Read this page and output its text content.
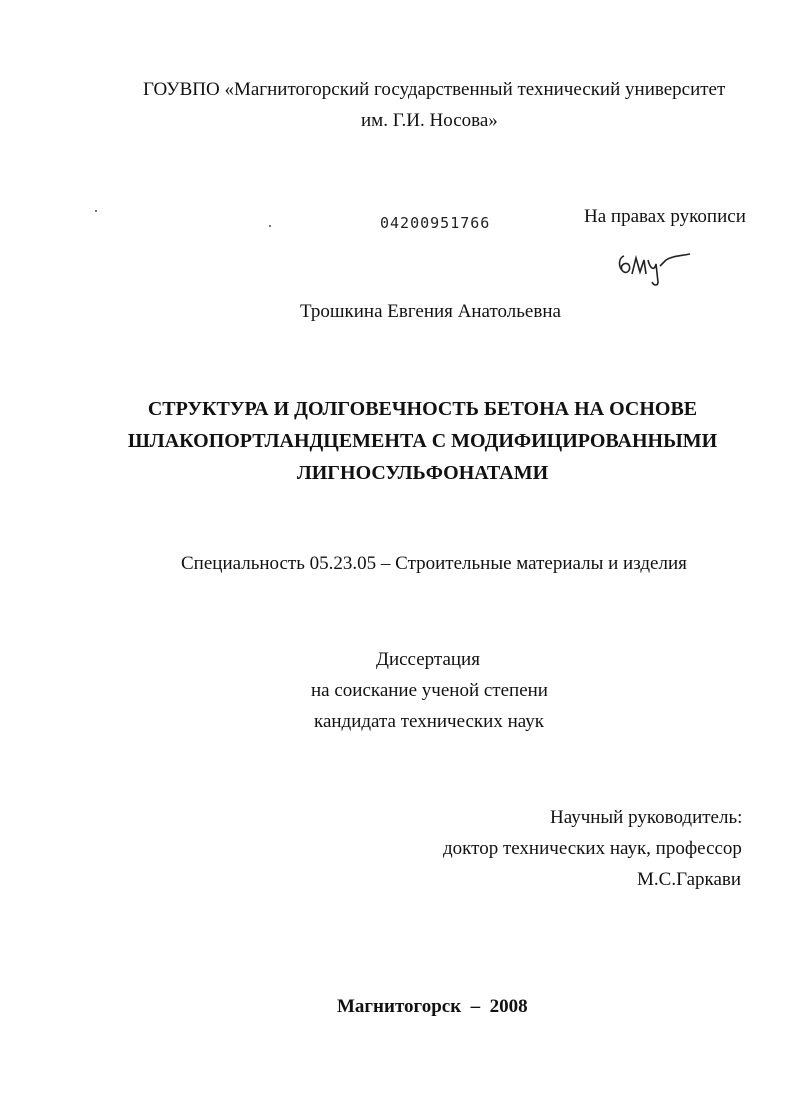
ГОУВПО «Магнитогорский государственный технический университет
им. Г.И. Носова»
04200951766	На правах рукописи
Трошкина Евгения Анатольевна
СТРУКТУРА И ДОЛГОВЕЧНОСТЬ БЕТОНА НА ОСНОВЕ
ШЛАКОПОРТЛАНДЦЕМЕНТА С МОДИФИЦИРОВАННЫМИ
ЛИГНОСУЛЬФОНАТАМИ
Специальность 05.23.05 – Строительные материалы и изделия
Диссертация
на соискание ученой степени
кандидата технических наук
Научный руководитель:
доктор технических наук, профессор
М.С.Гаркави
Магнитогорск  –  2008
